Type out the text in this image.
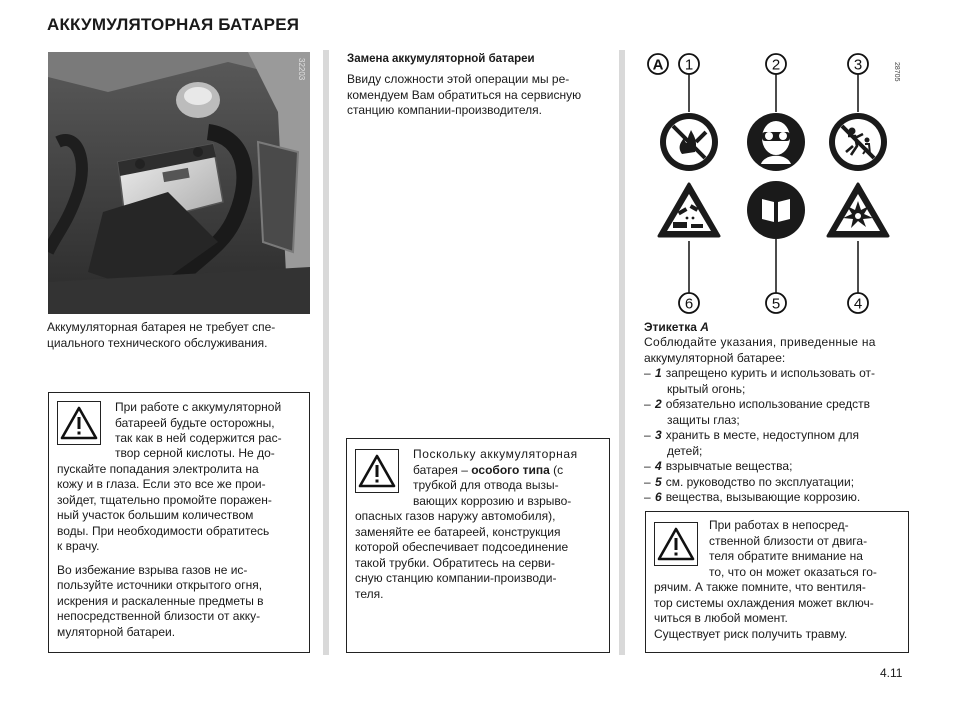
АККУМУЛЯТОРНАЯ БАТАРЕЯ
32203
Аккумуляторная батарея не требует спе-
циального технического обслуживания.
При работе с аккумуляторной
батареей будьте осторожны,
так как в ней содержится рас-
твор серной кислоты. Не до-
пускайте попадания электролита на
кожу и в глаза. Если это все же прои-
зойдет, тщательно промойте поражен-
ный участок большим количеством
воды. При необходимости обратитесь
к врачу.
Во избежание взрыва газов не ис-
пользуйте источники открытого огня,
искрения и раскаленные предметы в
непосредственной близости от акку-
муляторной батареи.
Замена аккумуляторной батареи
Ввиду сложности этой операции мы ре-
комендуем Вам обратиться на сервисную
станцию компании-производителя.
Поскольку аккумуляторная
батарея – особого типа (с
трубкой для отвода вызы-
вающих коррозию и взрыво-
опасных газов наружу автомобиля),
заменяйте ее батареей, конструкция
которой обеспечивает подсоединение
такой трубки. Обратитесь на серви-
сную станцию компании-производи-
теля.
A 1	2	3	28705
6	5	4
Этикетка A
Соблюдайте указания, приведенные на
аккумуляторной батарее:
– 1 запрещено курить и использовать от-
крытый огонь;
– 2 обязательно использование средств
защиты глаз;
– 3 хранить в месте, недоступном для
детей;
– 4 взрывчатые вещества;
– 5 см. руководство по эксплуатации;
– 6 вещества, вызывающие коррозию.
При работах в непосред-
ственной близости от двига-
теля обратите внимание на
то, что он может оказаться го-
рячим. А также помните, что вентиля-
тор системы охлаждения может включ-
читься в любой момент.
Существует риск получить травму.
4.11
